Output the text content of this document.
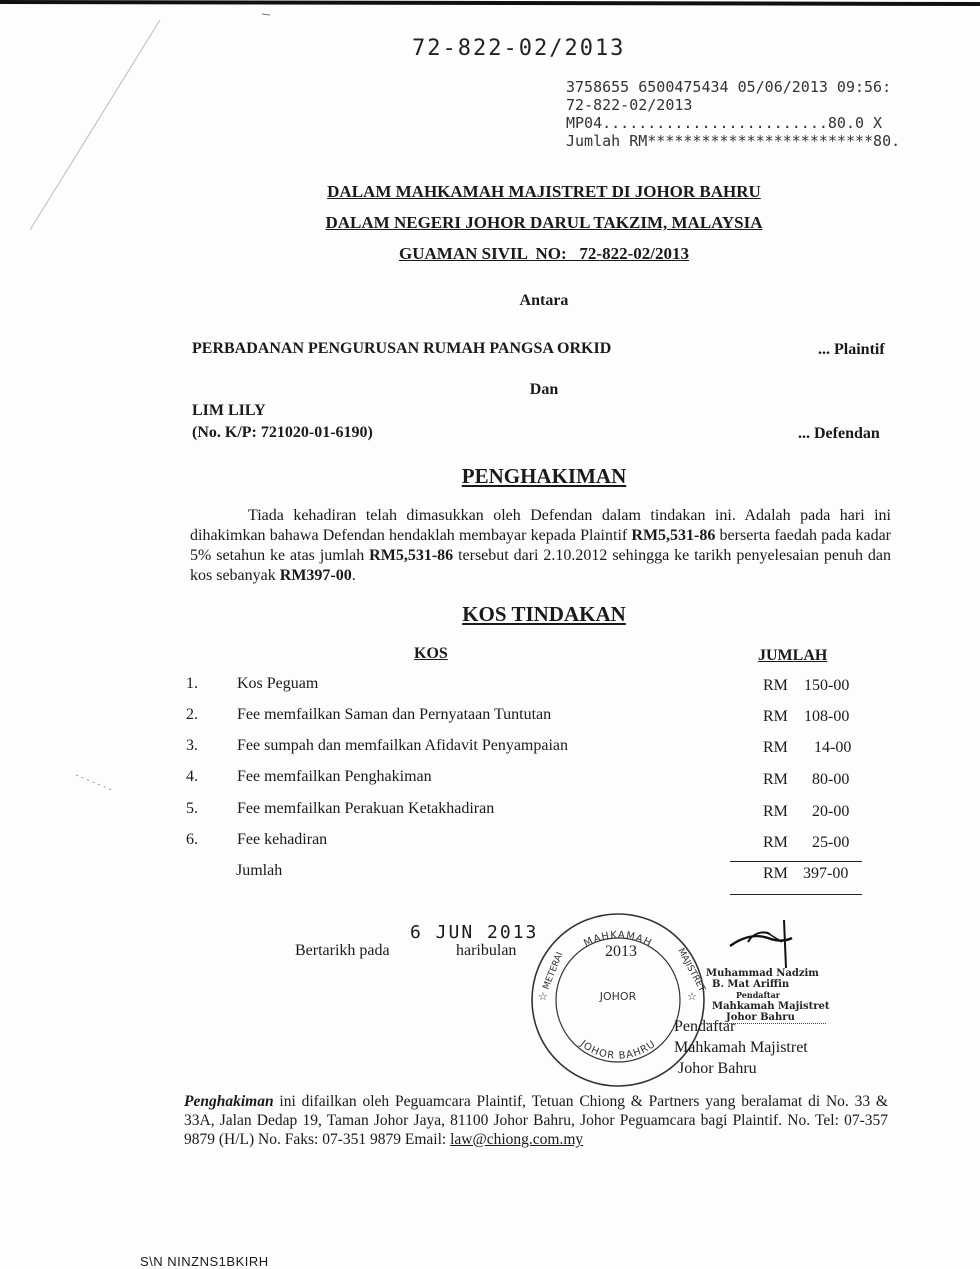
72-822-02/2013
3758655 6500475434 05/06/2013 09:56:
72-822-02/2013
MP04.........................80.0 X
Jumlah RM*************************80.
DALAM MAHKAMAH MAJISTRET DI JOHOR BAHRU
DALAM NEGERI JOHOR DARUL TAKZIM, MALAYSIA
GUAMAN SIVIL  NO:   72-822-02/2013
Antara
PERBADANAN PENGURUSAN RUMAH PANGSA ORKID	... Plaintif
Dan
LIM LILY
(No. K/P: 721020-01-6190)	... Defendan
PENGHAKIMAN
Tiada kehadiran telah dimasukkan oleh Defendan dalam tindakan ini. Adalah pada hari ini dihakimkan bahawa Defendan hendaklah membayar kepada Plaintif RM5,531-86 berserta faedah pada kadar 5% setahun ke atas jumlah RM5,531-86 tersebut dari 2.10.2012 sehingga ke tarikh penyelesaian penuh dan kos sebanyak RM397-00.
KOS TINDAKAN
KOS	JUMLAH
1. Kos Peguam	RM 150-00
2. Fee memfailkan Saman dan Pernyataan Tuntutan	RM 108-00
3. Fee sumpah dan memfailkan Afidavit Penyampaian	RM 14-00
4. Fee memfailkan Penghakiman	RM 80-00
5. Fee memfailkan Perakuan Ketakhadiran	RM 20-00
6. Fee kehadiran	RM 25-00
Jumlah	RM 397-00
6 JUN 2013
Bertarikh pada	haribulan	MAHKAMAH
METERAI	MAJISTRET
JOHOR BAHRU
☆	☆
2013
JOHOR
Muhammad Nadzim
B. Mat Ariffin
Pendaftar
Mahkamah Majistret
Johor Bahru
Pendaftar
Mahkamah Majistret
Johor Bahru
Penghakiman ini difailkan oleh Peguamcara Plaintif, Tetuan Chiong & Partners yang beralamat di No. 33 & 33A, Jalan Dedap 19, Taman Johor Jaya, 81100 Johor Bahru, Johor Peguamcara bagi Plaintif. No. Tel: 07-357 9879 (H/L) No. Faks: 07-351 9879 Email: law@chiong.com.my
S\N NINZNS1BKIRH
